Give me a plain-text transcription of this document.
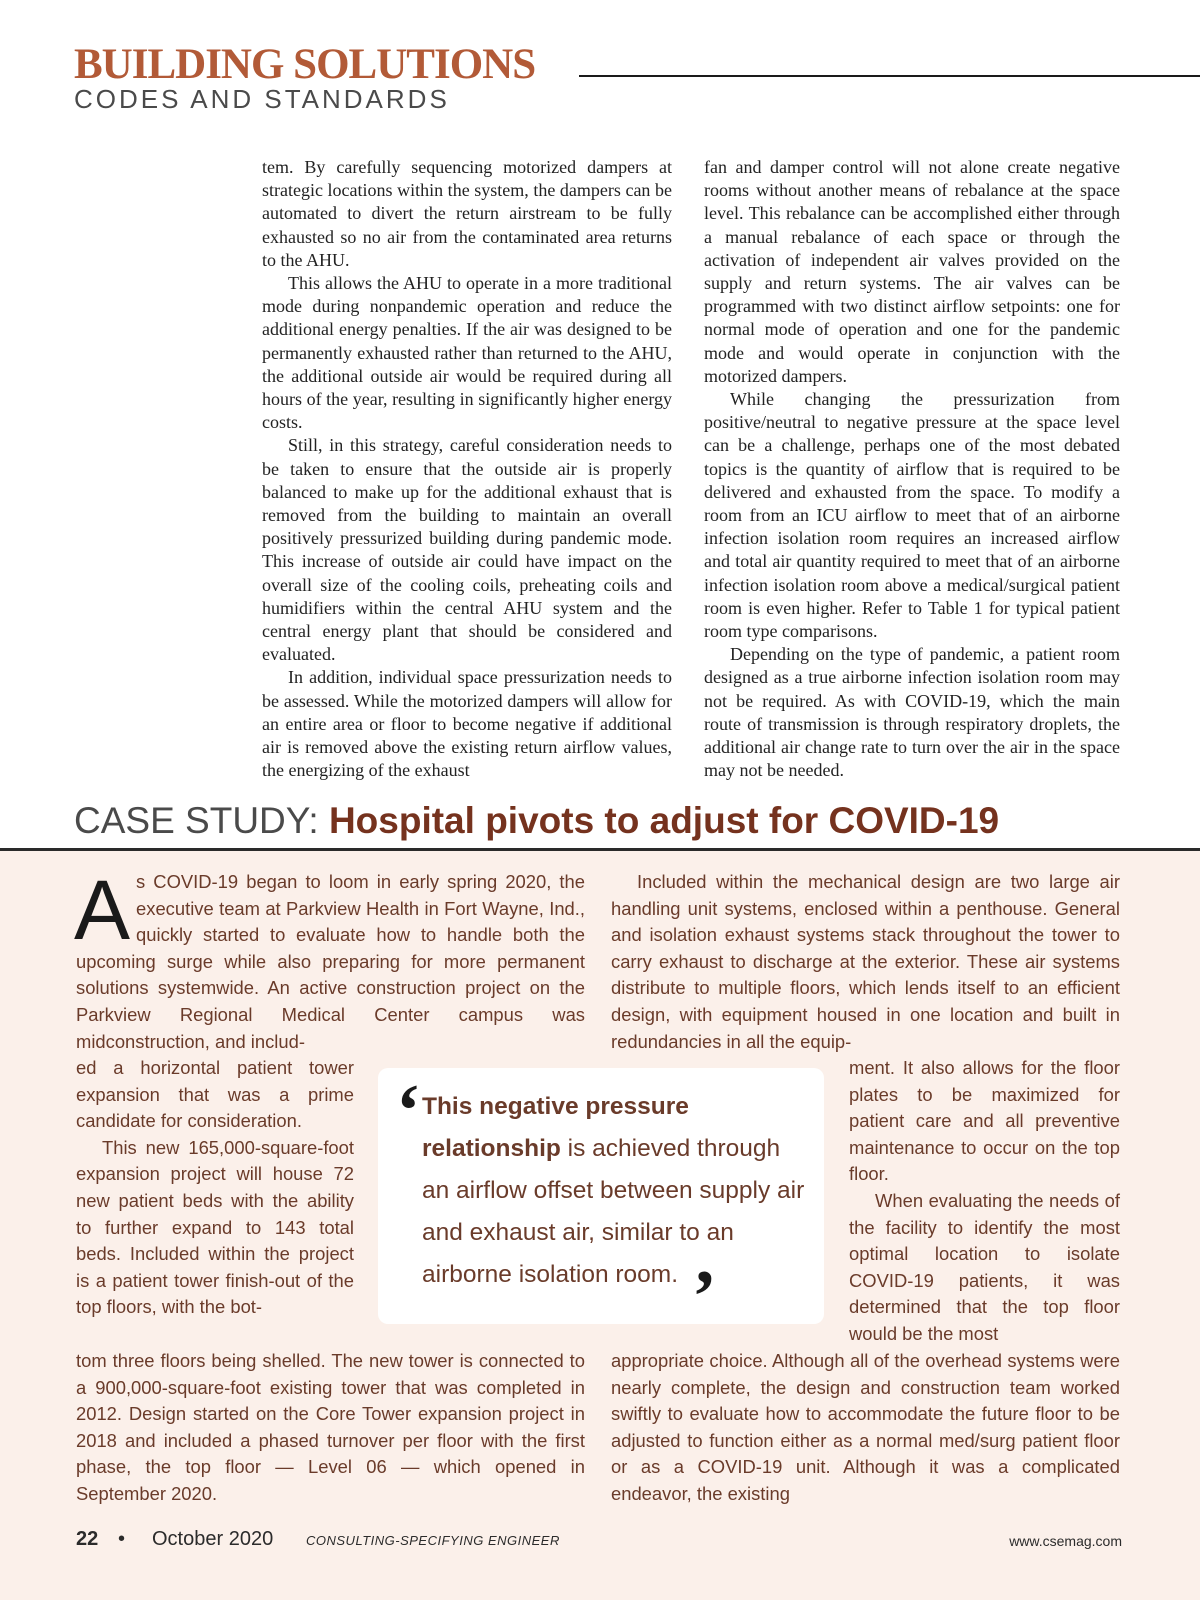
BUILDING SOLUTIONS
CODES AND STANDARDS

tem. By carefully sequencing motorized dampers at strategic locations within the system, the dampers can be automated to divert the return airstream to be fully exhausted so no air from the contaminated area returns to the AHU.

This allows the AHU to operate in a more traditional mode during nonpandemic operation and reduce the additional energy penalties. If the air was designed to be permanently exhausted rather than returned to the AHU, the additional outside air would be required during all hours of the year, resulting in significantly higher energy costs.

Still, in this strategy, careful consideration needs to be taken to ensure that the outside air is properly balanced to make up for the additional exhaust that is removed from the building to maintain an overall positively pressurized building during pandemic mode. This increase of outside air could have impact on the overall size of the cooling coils, preheating coils and humidifiers within the central AHU system and the central energy plant that should be considered and evaluated.

In addition, individual space pressurization needs to be assessed. While the motorized dampers will allow for an entire area or floor to become negative if additional air is removed above the existing return airflow values, the energizing of the exhaust

fan and damper control will not alone create negative rooms without another means of rebalance at the space level. This rebalance can be accomplished either through a manual rebalance of each space or through the activation of independent air valves provided on the supply and return systems. The air valves can be programmed with two distinct airflow setpoints: one for normal mode of operation and one for the pandemic mode and would operate in conjunction with the motorized dampers.

While changing the pressurization from positive/neutral to negative pressure at the space level can be a challenge, perhaps one of the most debated topics is the quantity of airflow that is required to be delivered and exhausted from the space. To modify a room from an ICU airflow to meet that of an airborne infection isolation room requires an increased airflow and total air quantity required to meet that of an airborne infection isolation room above a medical/surgical patient room is even higher. Refer to Table 1 for typical patient room type comparisons.

Depending on the type of pandemic, a patient room designed as a true airborne infection isolation room may not be required. As with COVID-19, which the main route of transmission is through respiratory droplets, the additional air change rate to turn over the air in the space may not be needed.

CASE STUDY: Hospital pivots to adjust for COVID-19
A s COVID-19 began to loom in early spring 2020, the executive team at Parkview Health in Fort Wayne, Ind., quickly started to evaluate how to handle both the upcoming surge while also preparing for more permanent solutions systemwide. An active construction project on the Parkview Regional Medical Center campus was midconstruction, and includ-

ed a horizontal patient tower expansion that was a prime candidate for consideration.

This new 165,000-square-foot expansion project will house 72 new patient beds with the ability to further expand to 143 total beds. Included within the project is a patient tower finish-out of the top floors, with the bot-

tom three floors being shelled. The new tower is connected to a 900,000-square-foot existing tower that was completed in 2012. Design started on the Core Tower expansion project in 2018 and included a phased turnover per floor with the first phase, the top floor — Level 06 — which opened in September 2020.

Included within the mechanical design are two large air handling unit systems, enclosed within a penthouse. General and isolation exhaust systems stack throughout the tower to carry exhaust to discharge at the exterior. These air systems distribute to multiple floors, which lends itself to an efficient design, with equipment housed in one location and built in redundancies in all the equip-

ment. It also allows for the floor plates to be maximized for patient care and all preventive maintenance to occur on the top floor.

When evaluating the needs of the facility to identify the most optimal location to isolate COVID-19 patients, it was determined that the top floor would be the most

appropriate choice. Although all of the overhead systems were nearly complete, the design and construction team worked swiftly to evaluate how to accommodate the future floor to be adjusted to function either as a normal med/surg patient floor or as a COVID-19 unit. Although it was a complicated endeavor, the existing

‘ This negative pressure relationship is achieved through an airflow offset between supply air and exhaust air, similar to an airborne isolation room. ’
22 • October 2020	CONSULTING-SPECIFYING ENGINEER	www.csemag.com
